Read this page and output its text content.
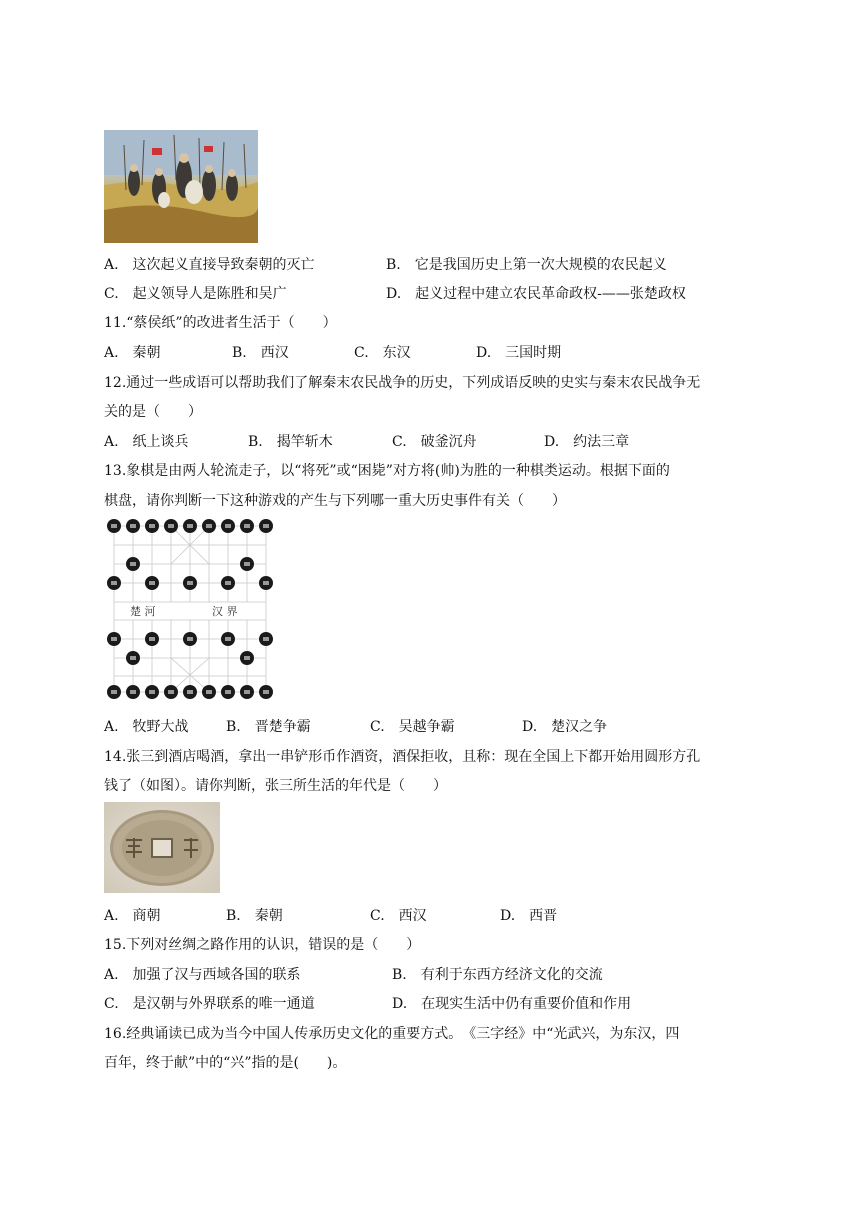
A.　这次起义直接导致秦朝的灭亡	B.　它是我国历史上第一次大规模的农民起义
C.　起义领导人是陈胜和吴广	D.　起义过程中建立农民革命政权-——张楚政权
11.“蔡侯纸”的改进者生活于（　　）
A.　秦朝	B.　西汉	C.　东汉	D.　三国时期
12.通过一些成语可以帮助我们了解秦末农民战争的历史，下列成语反映的史实与秦末农民战争无
关的是（　　）
A.　纸上谈兵	B.　揭竿斩木	C.　破釜沉舟	D.　约法三章
13.象棋是由两人轮流走子，以“将死”或“困毙”对方将(帅)为胜的一种棋类运动。根据下面的
棋盘，请你判断一下这种游戏的产生与下列哪一重大历史事件有关（　　）
楚 河	汉 界
A.　牧野大战	B.　晋楚争霸	C.　吴越争霸	D.　楚汉之争
14.张三到酒店喝酒，拿出一串铲形币作酒资，酒保拒收，且称：现在全国上下都开始用圆形方孔
钱了（如图）。请你判断，张三所生活的年代是（　　）
A.　商朝	B.　秦朝	C.　西汉	D.　西晋
15.下列对丝绸之路作用的认识，错误的是（　　）
A.　加强了汉与西域各国的联系	B.　有利于东西方经济文化的交流
C.　是汉朝与外界联系的唯一通道	D.　在现实生活中仍有重要价值和作用
16.经典诵读已成为当今中国人传承历史文化的重要方式。　《三字经》中“光武兴，为东汉，四
百年，终于献”中的“兴”指的是(　　)。
